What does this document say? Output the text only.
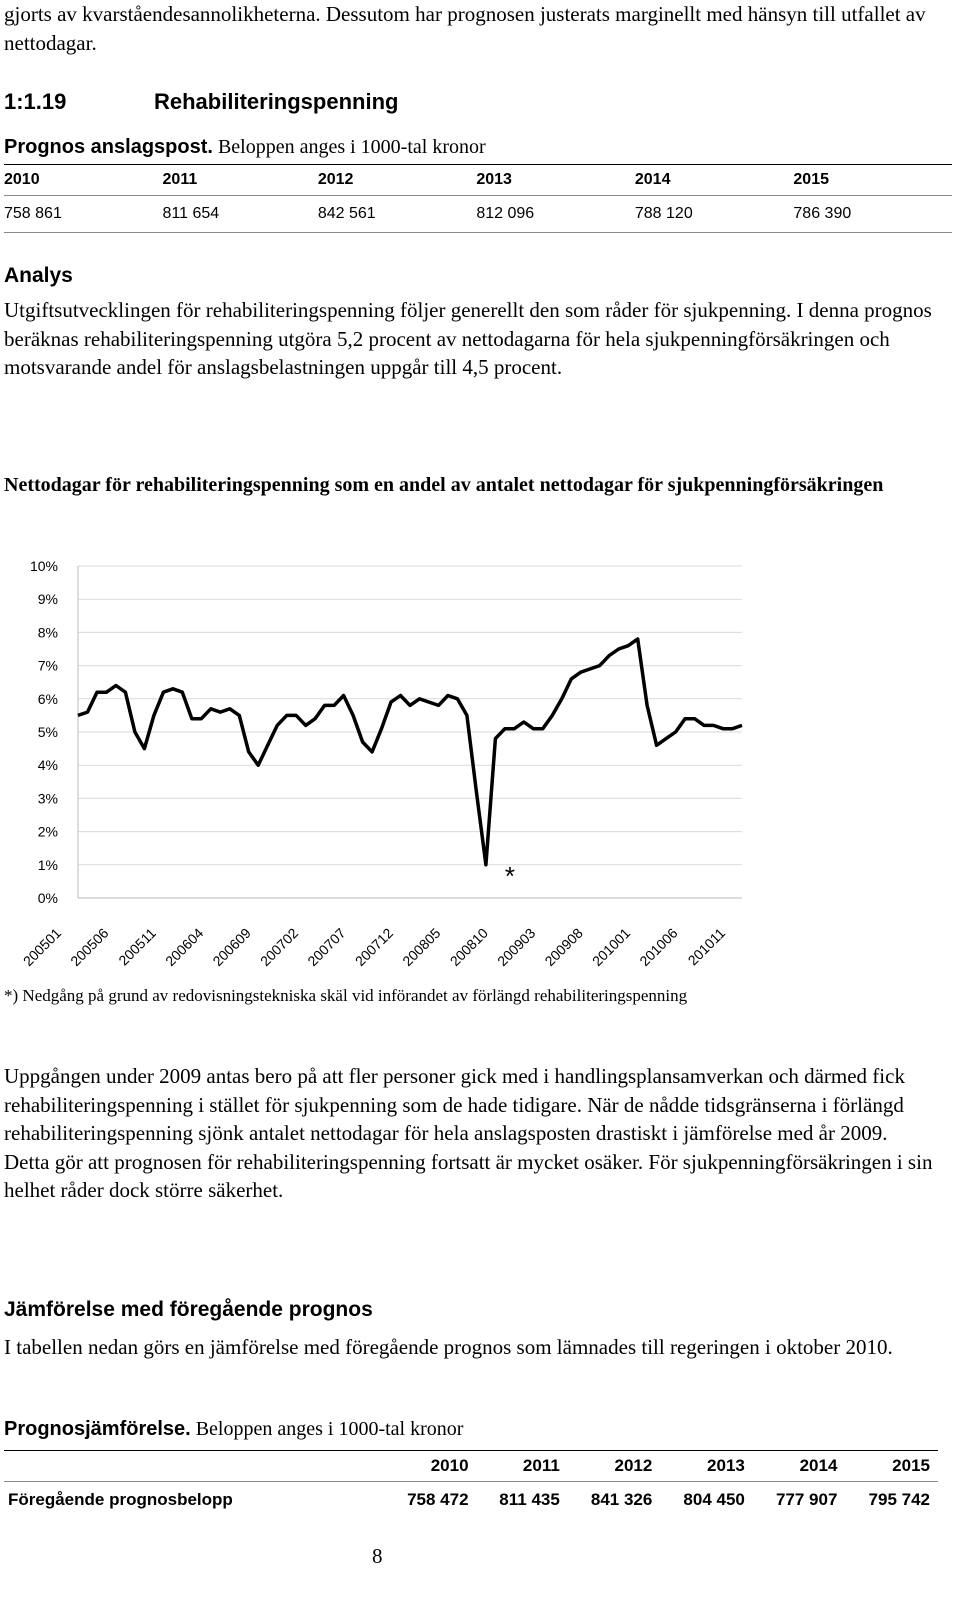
gjorts av kvarståendesannolikheterna. Dessutom har prognosen justerats marginellt med hänsyn till utfallet av nettodagar.

1:1.19	Rehabiliteringspenning
Prognos anslagspost. Beloppen anges i 1000-tal kronor
2010	2011	2012	2013	2014	2015
758 861	811 654	842 561	812 096	788 120	786 390
Analys

Utgiftsutvecklingen för rehabiliteringspenning följer generellt den som råder för sjukpenning. I denna prognos beräknas rehabiliteringspenning utgöra 5,2 procent av nettodagarna för hela sjukpenningförsäkringen och motsvarande andel för anslagsbelastningen uppgår till 4,5 procent.

Nettodagar för rehabiliteringspenning som en andel av antalet nettodagar för sjukpenningförsäkringen
0%
1%
2%
3%
4%
5%
6%
7%
8%
9%
10%
200501 200506 200511 200604 200609 200702 200707 200712 200805 200810 200903 200908 201001 201006 201011
*
*) Nedgång på grund av redovisningstekniska skäl vid införandet av förlängd rehabiliteringspenning

Uppgången under 2009 antas bero på att fler personer gick med i handlingsplansamverkan och därmed fick rehabiliteringspenning i stället för sjukpenning som de hade tidigare. När de nådde tidsgränserna i förlängd rehabiliteringspenning sjönk antalet nettodagar för hela anslagsposten drastiskt i jämförelse med år 2009. Detta gör att prognosen för rehabiliteringspenning fortsatt är mycket osäker. För sjukpenningförsäkringen i sin helhet råder dock större säkerhet.

Jämförelse med föregående prognos

I tabellen nedan görs en jämförelse med föregående prognos som lämnades till regeringen i oktober 2010.

Prognosjämförelse. Beloppen anges i 1000-tal kronor
	2010	2011	2012	2013	2014	2015
Föregående prognosbelopp	758 472	811 435	841 326	804 450	777 907	795 742
8
